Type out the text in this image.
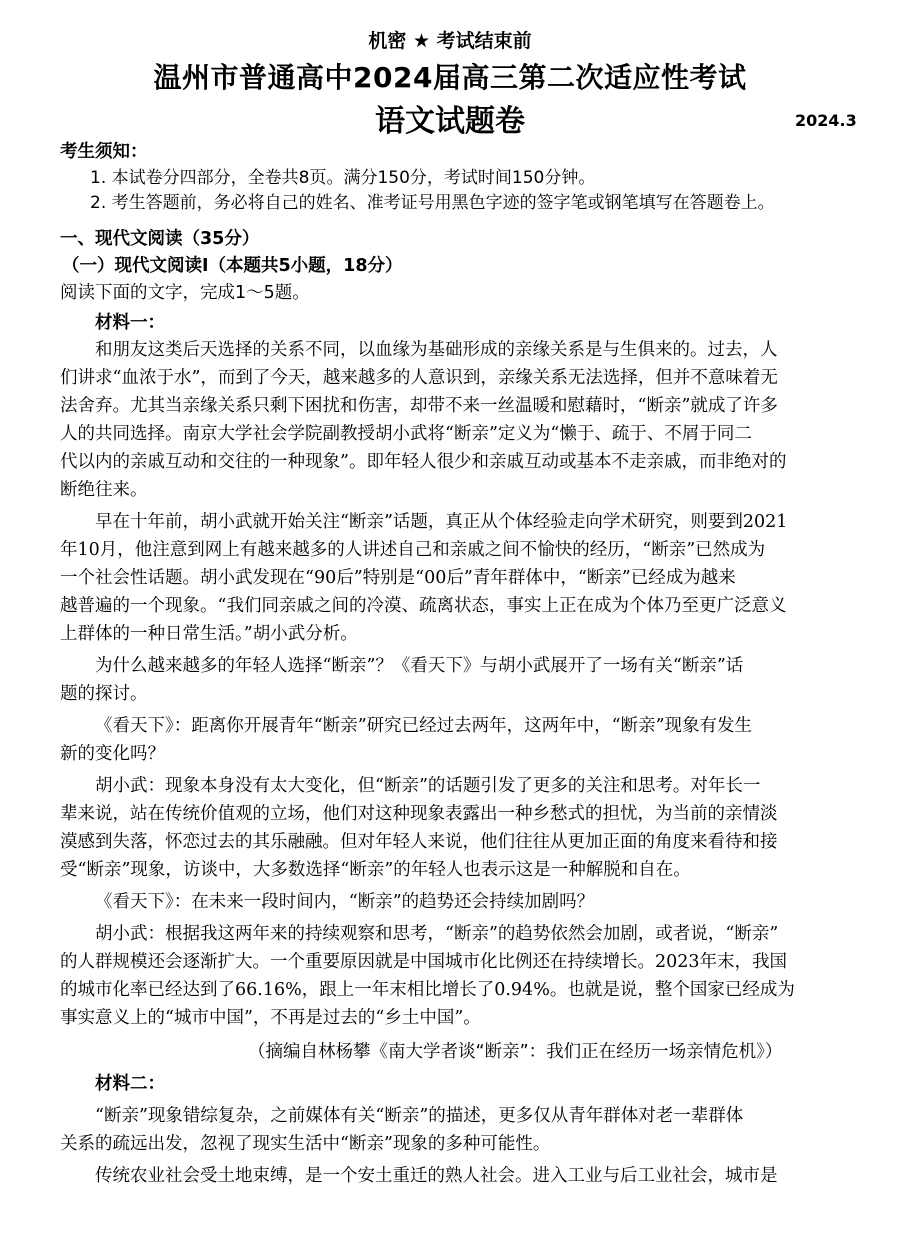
机密 ★ 考试结束前
温州市普通高中2024届高三第二次适应性考试
语文试题卷	2024.3
考生须知：
1. 本试卷分四部分，全卷共8页。满分150分，考试时间150分钟。
2. 考生答题前，务必将自己的姓名、准考证号用黑色字迹的签字笔或钢笔填写在答题卷上。
一、现代文阅读（35分）
（一）现代文阅读Ⅰ（本题共5小题，18分）
阅读下面的文字，完成1～5题。
材料一：
和朋友这类后天选择的关系不同，以血缘为基础形成的亲缘关系是与生俱来的。过去，人
们讲求“血浓于水”，而到了今天，越来越多的人意识到，亲缘关系无法选择，但并不意味着无
法舍弃。尤其当亲缘关系只剩下困扰和伤害，却带不来一丝温暖和慰藉时，“断亲”就成了许多
人的共同选择。南京大学社会学院副教授胡小武将“断亲”定义为“懒于、疏于、不屑于同二
代以内的亲戚互动和交往的一种现象”。即年轻人很少和亲戚互动或基本不走亲戚，而非绝对的
断绝往来。
早在十年前，胡小武就开始关注“断亲”话题，真正从个体经验走向学术研究，则要到2021
年10月，他注意到网上有越来越多的人讲述自己和亲戚之间不愉快的经历，“断亲”已然成为
一个社会性话题。胡小武发现在“90后”特别是“00后”青年群体中，“断亲”已经成为越来
越普遍的一个现象。“我们同亲戚之间的冷漠、疏离状态，事实上正在成为个体乃至更广泛意义
上群体的一种日常生活。”胡小武分析。
为什么越来越多的年轻人选择“断亲”？《看天下》与胡小武展开了一场有关“断亲”话
题的探讨。
《看天下》：距离你开展青年“断亲”研究已经过去两年，这两年中，“断亲”现象有发生
新的变化吗？
胡小武：现象本身没有太大变化，但“断亲”的话题引发了更多的关注和思考。对年长一
辈来说，站在传统价值观的立场，他们对这种现象表露出一种乡愁式的担忧，为当前的亲情淡
漠感到失落，怀恋过去的其乐融融。但对年轻人来说，他们往往从更加正面的角度来看待和接
受“断亲”现象，访谈中，大多数选择“断亲”的年轻人也表示这是一种解脱和自在。
《看天下》：在未来一段时间内，“断亲”的趋势还会持续加剧吗？
胡小武：根据我这两年来的持续观察和思考，“断亲”的趋势依然会加剧，或者说，“断亲”
的人群规模还会逐渐扩大。一个重要原因就是中国城市化比例还在持续增长。2023年末，我国
的城市化率已经达到了66.16%，跟上一年末相比增长了0.94%。也就是说，整个国家已经成为
事实意义上的“城市中国”，不再是过去的“乡土中国”。
（摘编自林杨攀《南大学者谈“断亲”：我们正在经历一场亲情危机》）
材料二：
“断亲”现象错综复杂，之前媒体有关“断亲”的描述，更多仅从青年群体对老一辈群体
关系的疏远出发，忽视了现实生活中“断亲”现象的多种可能性。
传统农业社会受土地束缚，是一个安土重迁的熟人社会。进入工业与后工业社会，城市是
